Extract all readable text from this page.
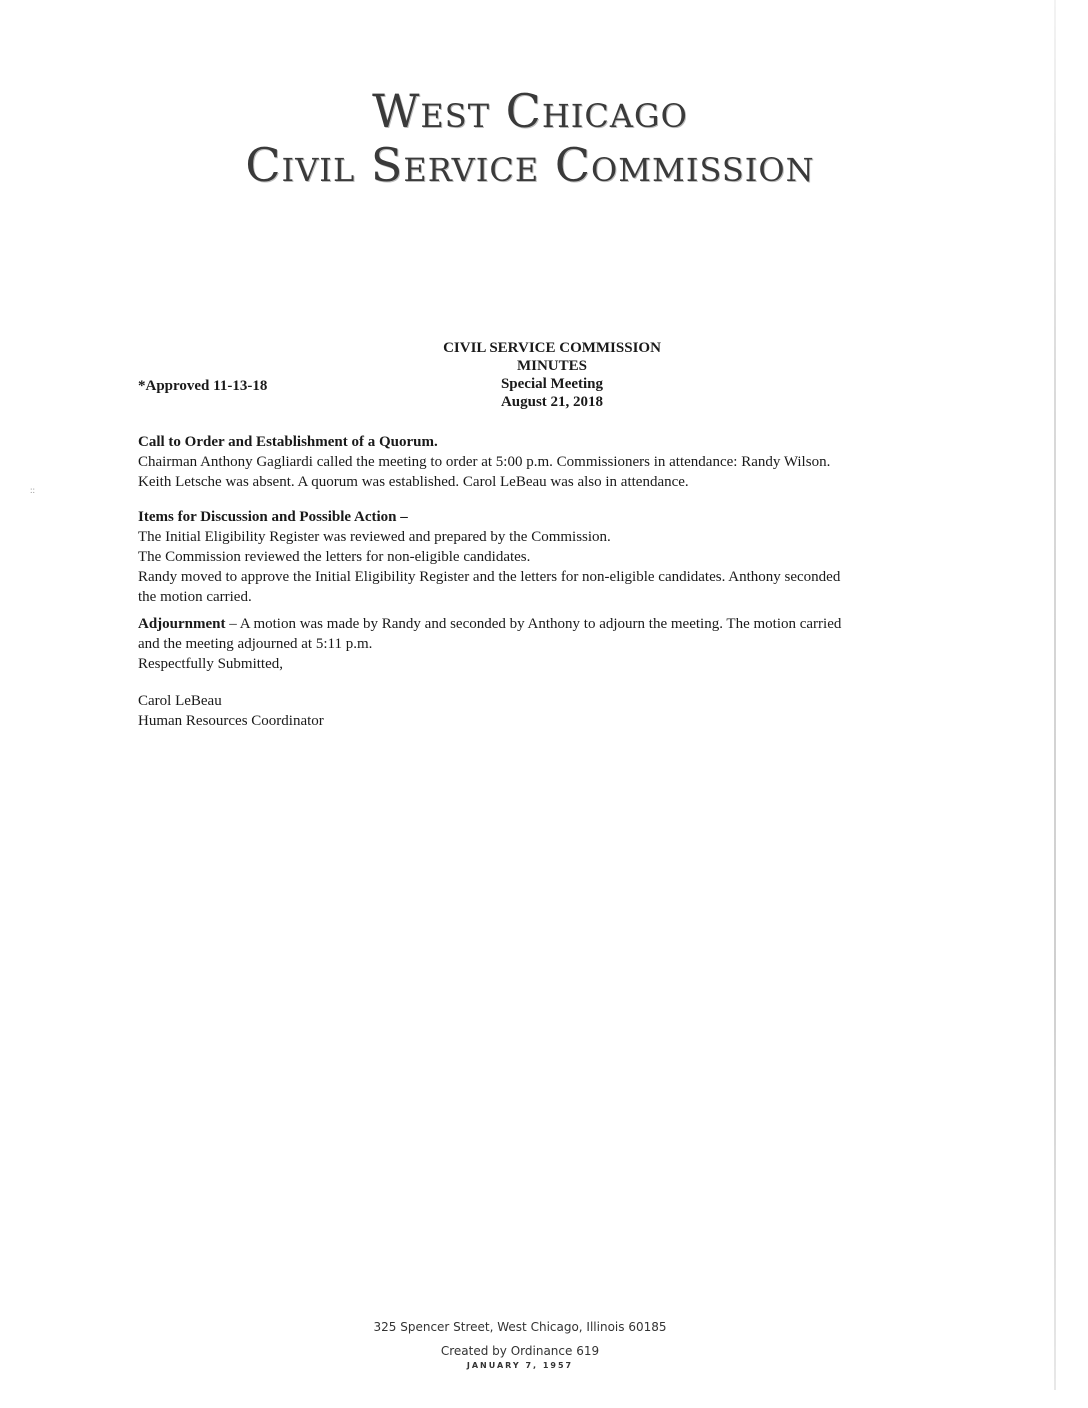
West Chicago
Civil Service Commission
::
*Approved 11-13-18
CIVIL SERVICE COMMISSION
MINUTES
Special Meeting
August 21, 2018
Call to Order and Establishment of a Quorum.
Chairman Anthony Gagliardi called the meeting to order at 5:00 p.m. Commissioners in attendance: Randy Wilson.
Keith Letsche was absent. A quorum was established. Carol LeBeau was also in attendance.
Items for Discussion and Possible Action –
The Initial Eligibility Register was reviewed and prepared by the Commission.
The Commission reviewed the letters for non-eligible candidates.
Randy moved to approve the Initial Eligibility Register and the letters for non-eligible candidates. Anthony seconded
the motion carried.
Adjournment – A motion was made by Randy and seconded by Anthony to adjourn the meeting. The motion carried
and the meeting adjourned at 5:11 p.m.
Respectfully Submitted,
Carol LeBeau
Human Resources Coordinator
325 Spencer Street, West Chicago, Illinois 60185
Created by Ordinance 619
JANUARY 7, 1957
